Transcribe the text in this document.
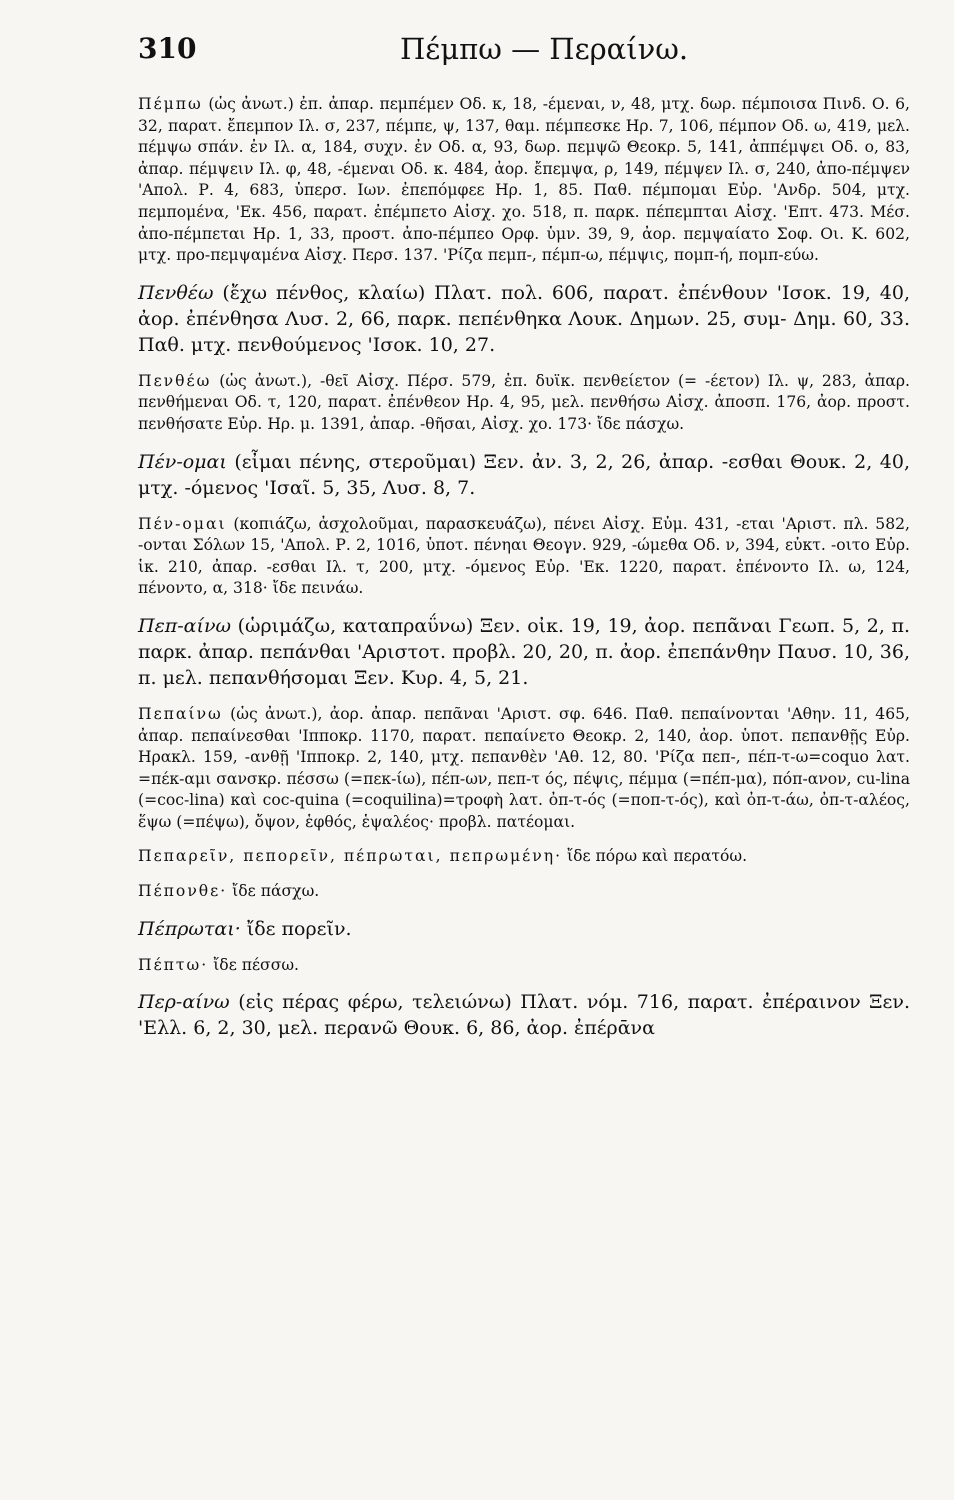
310	Πέμπω — Περαίνω.

Πέμπω (ὡς ἀνωτ.) ἐπ. ἀπαρ. πεμπέμεν Οδ. κ, 18, -έμεναι, ν, 48, μτχ. δωρ. πέμποισα Πινδ. Ο. 6, 32, παρατ. ἔπεμπον Ιλ. σ, 237, πέμπε, ψ, 137, θαμ. πέμπεσκε Ηρ. 7, 106, πέμπον Οδ. ω, 419, μελ. πέμψω σπάν. ἐν Ιλ. α, 184, συχν. ἐν Οδ. α, 93, δωρ. πεμψῶ Θεοκρ. 5, 141, ἀππέμψει Οδ. ο, 83, ἀπαρ. πέμψειν Ιλ. φ, 48, -έμεναι Οδ. κ. 484, ἀορ. ἔπεμψα, ρ, 149, πέμψεν Ιλ. σ, 240, ἀπο-πέμψεν 'Απολ. Ρ. 4, 683, ὑπερσ. Ιων. ἐπεπόμφεε Ηρ. 1, 85. Παθ. πέμπομαι Εὐρ. 'Ανδρ. 504, μτχ. πεμπομένα, 'Εκ. 456, παρατ. ἐπέμπετο Αἰσχ. χο. 518, π. παρκ. πέπεμπται Αἰσχ. 'Επτ. 473. Μέσ. ἀπο-πέμπεται Ηρ. 1, 33, προστ. ἀπο-πέμπεο Ορφ. ὑμν. 39, 9, ἀορ. πεμψαίατο Σοφ. Οι. Κ. 602, μτχ. προ-πεμψαμένα Αἰσχ. Περσ. 137. 'Ρίζα πεμπ-, πέμπ-ω, πέμψις, πομπ-ή, πομπ-εύω.

Πενθέω (ἔχω πένθος, κλαίω) Πλατ. πολ. 606, παρατ. ἐπένθουν 'Ισοκ. 19, 40, ἀορ. ἐπένθησα Λυσ. 2, 66, παρκ. πεπένθηκα Λουκ. Δημων. 25, συμ- Δημ. 60, 33. Παθ. μτχ. πενθούμενος 'Ισοκ. 10, 27.

Πενθέω (ὡς ἀνωτ.), -θεῖ Αἰσχ. Πέρσ. 579, ἐπ. δυϊκ. πενθείετον (= -έετον) Ιλ. ψ, 283, ἀπαρ. πενθήμεναι Οδ. τ, 120, παρατ. ἐπένθεον Ηρ. 4, 95, μελ. πενθήσω Αἰσχ. ἀποσπ. 176, ἀορ. προστ. πενθήσατε Εὐρ. Ηρ. μ. 1391, ἀπαρ. -θῆσαι, Αἰσχ. χο. 173· ἴδε πάσχω.

Πέν-ομαι (εἶμαι πένης, στεροῦμαι) Ξεν. ἀν. 3, 2, 26, ἀπαρ. -εσθαι Θουκ. 2, 40, μτχ. -όμενος 'Ισαῖ. 5, 35, Λυσ. 8, 7.

Πέν-ομαι (κοπιάζω, ἀσχολοῦμαι, παρασκευάζω), πένει Αἰσχ. Εὐμ. 431, -εται 'Αριστ. πλ. 582, -ονται Σόλων 15, 'Απολ. Ρ. 2, 1016, ὑποτ. πένηαι Θεογν. 929, -ώμεθα Οδ. ν, 394, εὐκτ. -οιτο Εὐρ. ἱκ. 210, ἀπαρ. -εσθαι Ιλ. τ, 200, μτχ. -όμενος Εὐρ. 'Εκ. 1220, παρατ. ἐπένοντο Ιλ. ω, 124, πένοντο, α, 318· ἴδε πεινάω.

Πεπ-αίνω (ὡριμάζω, καταπραΰνω) Ξεν. οἰκ. 19, 19, ἀορ. πεπᾶναι Γεωπ. 5, 2, π. παρκ. ἀπαρ. πεπάνθαι 'Αριστοτ. προβλ. 20, 20, π. ἀορ. ἐπεπάνθην Παυσ. 10, 36, π. μελ. πεπανθήσομαι Ξεν. Κυρ. 4, 5, 21.

Πεπαίνω (ὡς ἀνωτ.), ἀορ. ἀπαρ. πεπᾶναι 'Αριστ. σφ. 646. Παθ. πεπαίνονται 'Αθην. 11, 465, ἀπαρ. πεπαίνεσθαι 'Ιπποκρ. 1170, παρατ. πεπαίνετο Θεοκρ. 2, 140, ἀορ. ὑποτ. πεπανθῇς Εὐρ. Ηρακλ. 159, -ανθῇ 'Ιπποκρ. 2, 140, μτχ. πεπανθὲν 'Αθ. 12, 80. 'Ρίζα πεπ-, πέπ-τ-ω=coquo λατ. =πέκ-αμι σανσκρ. πέσσω (=πεκ-ίω), πέπ-ων, πεπ-τ ός, πέψις, πέμμα (=πέπ-μα), πόπ-ανον, cu-lina (=coc-lina) καὶ coc-quina (=coquilina)=τροφὴ λατ. ὀπ-τ-ός (=ποπ-τ-ός), καὶ ὀπ-τ-άω, ὀπ-τ-αλέος, ἕψω (=πέψω), ὄψον, ἑφθός, ἑψαλέος· προβλ. πατέομαι.

Πεπαρεῖν, πεπορεῖν, πέπρωται, πεπρωμένη· ἴδε πόρω καὶ περατόω.

Πέπονθε· ἴδε πάσχω.

Πέπρωται· ἴδε πορεῖν.

Πέπτω· ἴδε πέσσω.

Περ-αίνω (εἰς πέρας φέρω, τελειώνω) Πλατ. νόμ. 716, παρατ. ἐπέραινον Ξεν. 'Ελλ. 6, 2, 30, μελ. περανῶ Θουκ. 6, 86, ἀορ. ἐπέρᾱνα
